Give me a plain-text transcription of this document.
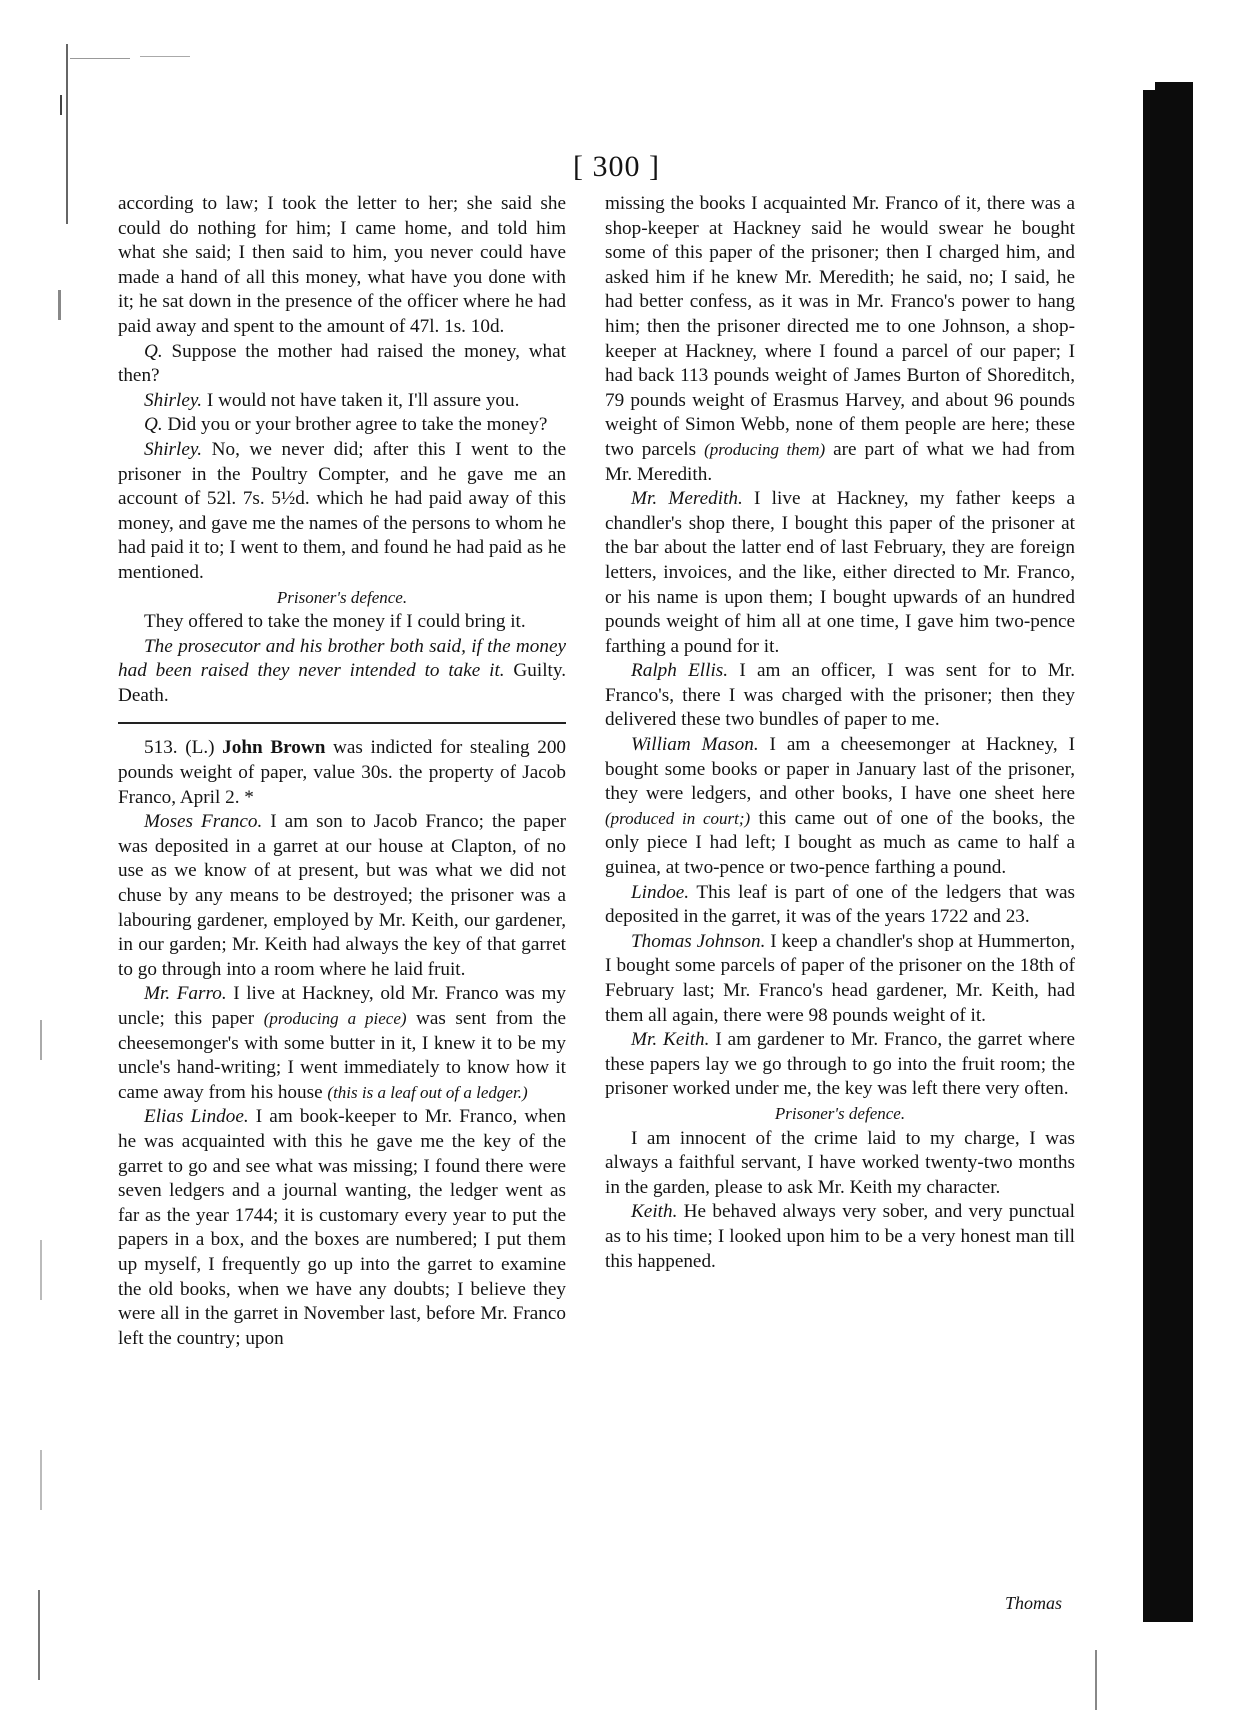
[ 300 ]

according to law; I took the letter to her; she said she could do nothing for him; I came home, and told him what she said; I then said to him, you never could have made a hand of all this money, what have you done with it; he sat down in the presence of the officer where he had paid away and spent to the amount of 47l. 1s. 10d.

Q. Suppose the mother had raised the money, what then?

Shirley. I would not have taken it, I'll assure you.

Q. Did you or your brother agree to take the money?

Shirley. No, we never did; after this I went to the prisoner in the Poultry Compter, and he gave me an account of 52l. 7s. 5½d. which he had paid away of this money, and gave me the names of the persons to whom he had paid it to; I went to them, and found he had paid as he mentioned.

Prisoner's defence.

They offered to take the money if I could bring it.

The prosecutor and his brother both said, if the money had been raised they never intended to take it. Guilty. Death.

513. (L.) John Brown was indicted for stealing 200 pounds weight of paper, value 30s. the property of Jacob Franco, April 2. *

Moses Franco. I am son to Jacob Franco; the paper was deposited in a garret at our house at Clapton, of no use as we know of at present, but was what we did not chuse by any means to be destroyed; the prisoner was a labouring gardener, employed by Mr. Keith, our gardener, in our garden; Mr. Keith had always the key of that garret to go through into a room where he laid fruit.

Mr. Farro. I live at Hackney, old Mr. Franco was my uncle; this paper (producing a piece) was sent from the cheesemonger's with some butter in it, I knew it to be my uncle's hand-writing; I went immediately to know how it came away from his house (this is a leaf out of a ledger.)

Elias Lindoe. I am book-keeper to Mr. Franco, when he was acquainted with this he gave me the key of the garret to go and see what was missing; I found there were seven ledgers and a journal wanting, the ledger went as far as the year 1744; it is customary every year to put the papers in a box, and the boxes are numbered; I put them up myself, I frequently go up into the garret to examine the old books, when we have any doubts; I believe they were all in the garret in November last, before Mr. Franco left the country; upon

missing the books I acquainted Mr. Franco of it, there was a shop-keeper at Hackney said he would swear he bought some of this paper of the prisoner; then I charged him, and asked him if he knew Mr. Meredith; he said, no; I said, he had better confess, as it was in Mr. Franco's power to hang him; then the prisoner directed me to one Johnson, a shop-keeper at Hackney, where I found a parcel of our paper; I had back 113 pounds weight of James Burton of Shoreditch, 79 pounds weight of Erasmus Harvey, and about 96 pounds weight of Simon Webb, none of them people are here; these two parcels (producing them) are part of what we had from Mr. Meredith.

Mr. Meredith. I live at Hackney, my father keeps a chandler's shop there, I bought this paper of the prisoner at the bar about the latter end of last February, they are foreign letters, invoices, and the like, either directed to Mr. Franco, or his name is upon them; I bought upwards of an hundred pounds weight of him all at one time, I gave him two-pence farthing a pound for it.

Ralph Ellis. I am an officer, I was sent for to Mr. Franco's, there I was charged with the prisoner; then they delivered these two bundles of paper to me.

William Mason. I am a cheesemonger at Hackney, I bought some books or paper in January last of the prisoner, they were ledgers, and other books, I have one sheet here (produced in court;) this came out of one of the books, the only piece I had left; I bought as much as came to half a guinea, at two-pence or two-pence farthing a pound.

Lindoe. This leaf is part of one of the ledgers that was deposited in the garret, it was of the years 1722 and 23.

Thomas Johnson. I keep a chandler's shop at Hummerton, I bought some parcels of paper of the prisoner on the 18th of February last; Mr. Franco's head gardener, Mr. Keith, had them all again, there were 98 pounds weight of it.

Mr. Keith. I am gardener to Mr. Franco, the garret where these papers lay we go through to go into the fruit room; the prisoner worked under me, the key was left there very often.

Prisoner's defence.

I am innocent of the crime laid to my charge, I was always a faithful servant, I have worked twenty-two months in the garden, please to ask Mr. Keith my character.

Keith. He behaved always very sober, and very punctual as to his time; I looked upon him to be a very honest man till this happened.

Thomas
